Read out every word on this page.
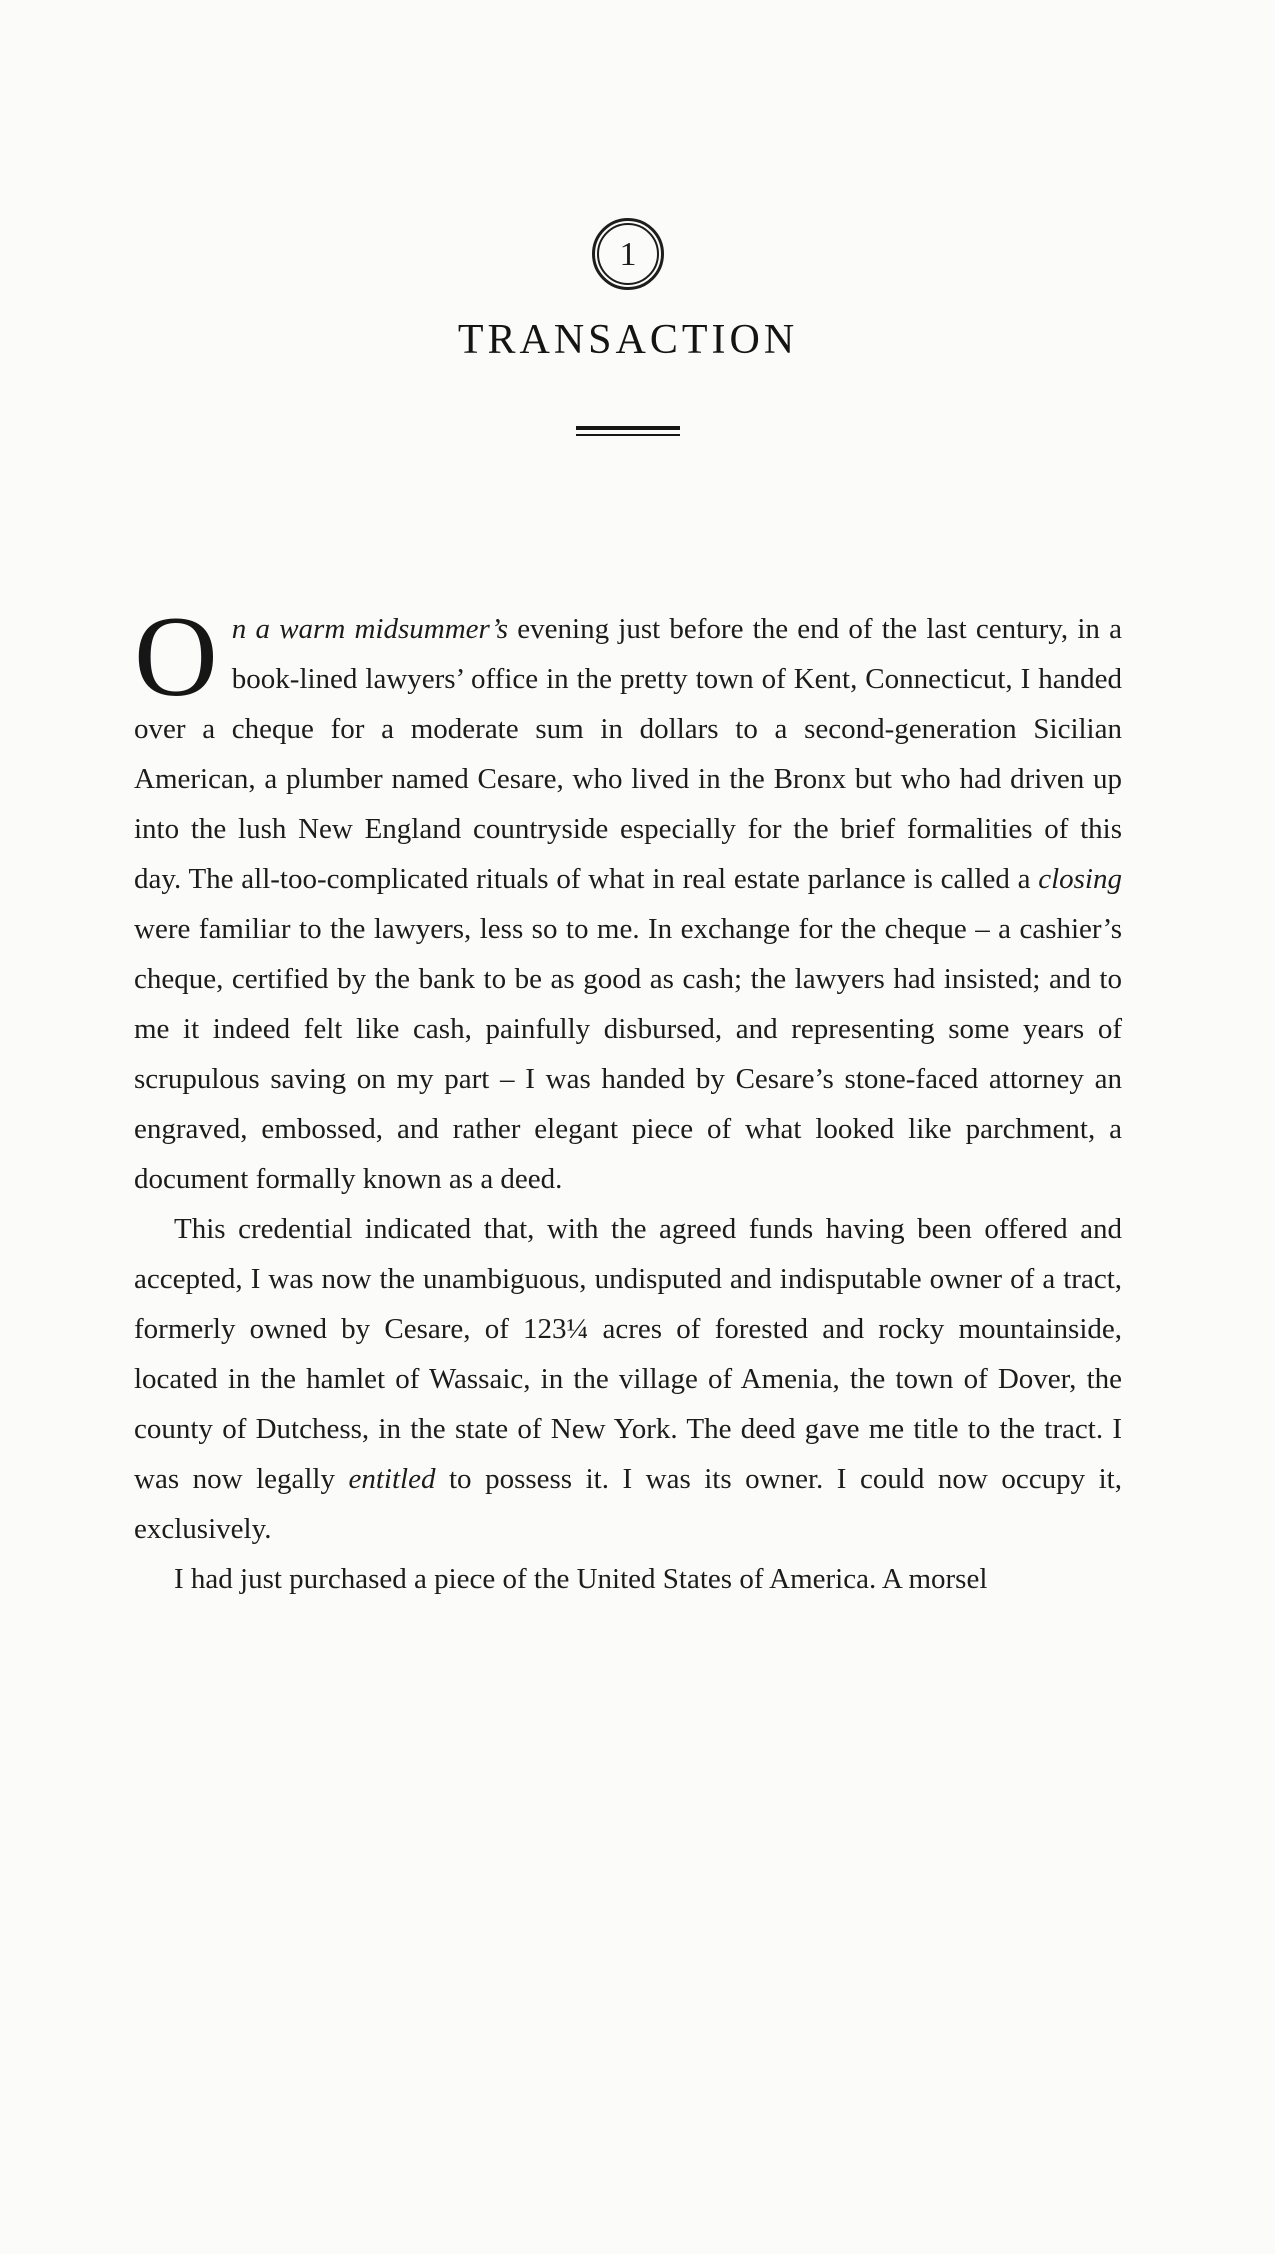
1
TRANSACTION

On a warm midsummer’s evening just before the end of the last century, in a book-lined lawyers’ office in the pretty town of Kent, Connecticut, I handed over a cheque for a moderate sum in dollars to a second-generation Sicilian American, a plumber named Cesare, who lived in the Bronx but who had driven up into the lush New England countryside especially for the brief formalities of this day. The all-too-complicated rituals of what in real estate parlance is called a closing were familiar to the lawyers, less so to me. In exchange for the cheque – a cashier’s cheque, certified by the bank to be as good as cash; the lawyers had insisted; and to me it indeed felt like cash, painfully disbursed, and representing some years of scrupulous saving on my part – I was handed by Cesare’s stone-faced attorney an engraved, embossed, and rather elegant piece of what looked like parchment, a document formally known as a deed.

This credential indicated that, with the agreed funds having been offered and accepted, I was now the unambiguous, undisputed and indisputable owner of a tract, formerly owned by Cesare, of 123¼ acres of forested and rocky mountainside, located in the hamlet of Wassaic, in the village of Amenia, the town of Dover, the county of Dutchess, in the state of New York. The deed gave me title to the tract. I was now legally entitled to possess it. I was its owner. I could now occupy it, exclusively.

I had just purchased a piece of the United States of America. A morsel
